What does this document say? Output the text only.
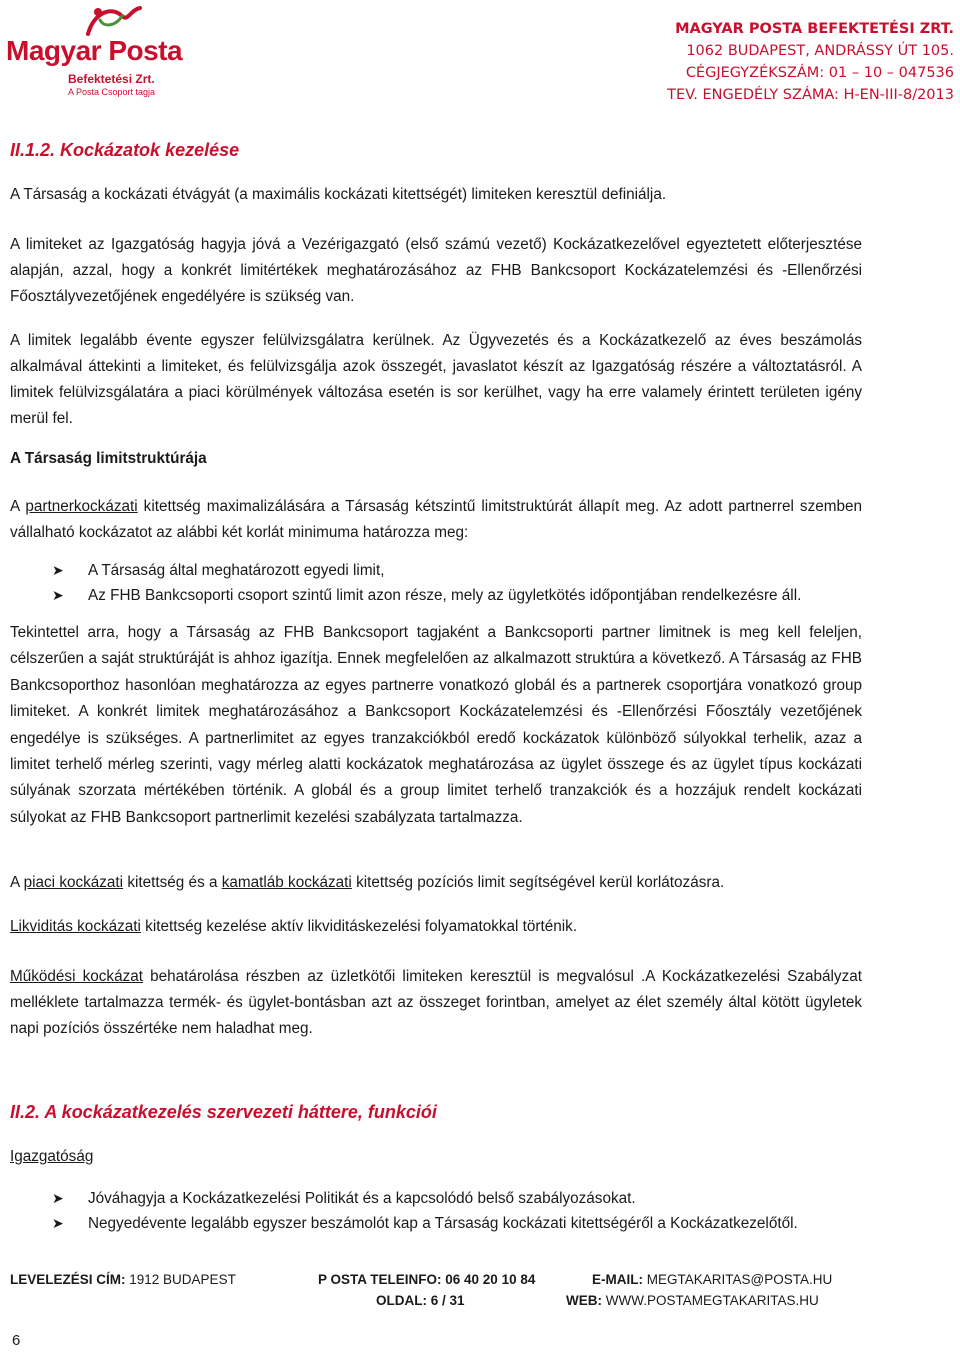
Magyar Posta
Befektetési Zrt.
A Posta Csoport tagja
MAGYAR POSTA BEFEKTETÉSI ZRT.
1062 BUDAPEST, ANDRÁSSY ÚT 105.
CÉGJEGYZÉKSZÁM: 01 – 10 – 047536
TEV. ENGEDÉLY SZÁMA: H-EN-III-8/2013
II.1.2. Kockázatok kezelése
A Társaság a kockázati étvágyát (a maximális kockázati kitettségét) limiteken keresztül definiálja.
A limiteket az Igazgatóság hagyja jóvá a Vezérigazgató (első számú vezető) Kockázatkezelővel egyeztetett előterjesztése alapján, azzal, hogy a konkrét limitértékek meghatározásához az FHB Bankcsoport Kockázatelemzési és -Ellenőrzési Főosztályvezetőjének engedélyére is szükség van.
A limitek legalább évente egyszer felülvizsgálatra kerülnek. Az Ügyvezetés és a Kockázatkezelő az éves beszámolás alkalmával áttekinti a limiteket, és felülvizsgálja azok összegét, javaslatot készít az Igazgatóság részére a változtatásról. A limitek felülvizsgálatára a piaci körülmények változása esetén is sor kerülhet, vagy ha erre valamely érintett területen igény merül fel.
A Társaság limitstruktúrája
A partnerkockázati kitettség maximalizálására a Társaság kétszintű limitstruktúrát állapít meg. Az adott partnerrel szemben vállalható kockázatot az alábbi két korlát minimuma határozza meg:
➤ A Társaság által meghatározott egyedi limit,
➤ Az FHB Bankcsoporti csoport szintű limit azon része, mely az ügyletkötés időpontjában rendelkezésre áll.
Tekintettel arra, hogy a Társaság az FHB Bankcsoport tagjaként a Bankcsoporti partner limitnek is meg kell feleljen, célszerűen a saját struktúráját is ahhoz igazítja. Ennek megfelelően az alkalmazott struktúra a következő. A Társaság az FHB Bankcsoporthoz hasonlóan meghatározza az egyes partnerre vonatkozó globál és a partnerek csoportjára vonatkozó group limiteket. A konkrét limitek meghatározásához a Bankcsoport Kockázatelemzési és -Ellenőrzési Főosztály vezetőjének engedélye is szükséges. A partnerlimitet az egyes tranzakciókból eredő kockázatok különböző súlyokkal terhelik, azaz a limitet terhelő mérleg szerinti, vagy mérleg alatti kockázatok meghatározása az ügylet összege és az ügylet típus kockázati súlyának szorzata mértékében történik. A globál és a group limitet terhelő tranzakciók és a hozzájuk rendelt kockázati súlyokat az FHB Bankcsoport partnerlimit kezelési szabályzata tartalmazza.
A piaci kockázati kitettség és a kamatláb kockázati kitettség pozíciós limit segítségével kerül korlátozásra.
Likviditás kockázati kitettség kezelése aktív likviditáskezelési folyamatokkal történik.
Működési kockázat behatárolása részben az üzletkötői limiteken keresztül is megvalósul .A Kockázatkezelési Szabályzat melléklete tartalmazza termék- és ügylet-bontásban azt az összeget forintban, amelyet az élet személy által kötött ügyletek napi pozíciós összértéke nem haladhat meg.
II.2. A kockázatkezelés szervezeti háttere, funkciói
Igazgatóság
➤ Jóváhagyja a Kockázatkezelési Politikát és a kapcsolódó belső szabályozásokat.
➤ Negyedévente legalább egyszer beszámolót kap a Társaság kockázati kitettségéről a Kockázatkezelőtől.
LEVELEZÉSI CÍM: 1912 BUDAPEST	P OSTA TELEINFO: 06 40 20 10 84	E-MAIL: MEGTAKARITAS@POSTA.HU
OLDAL: 6 / 31	WEB: WWW.POSTAMEGTAKARITAS.HU
6
